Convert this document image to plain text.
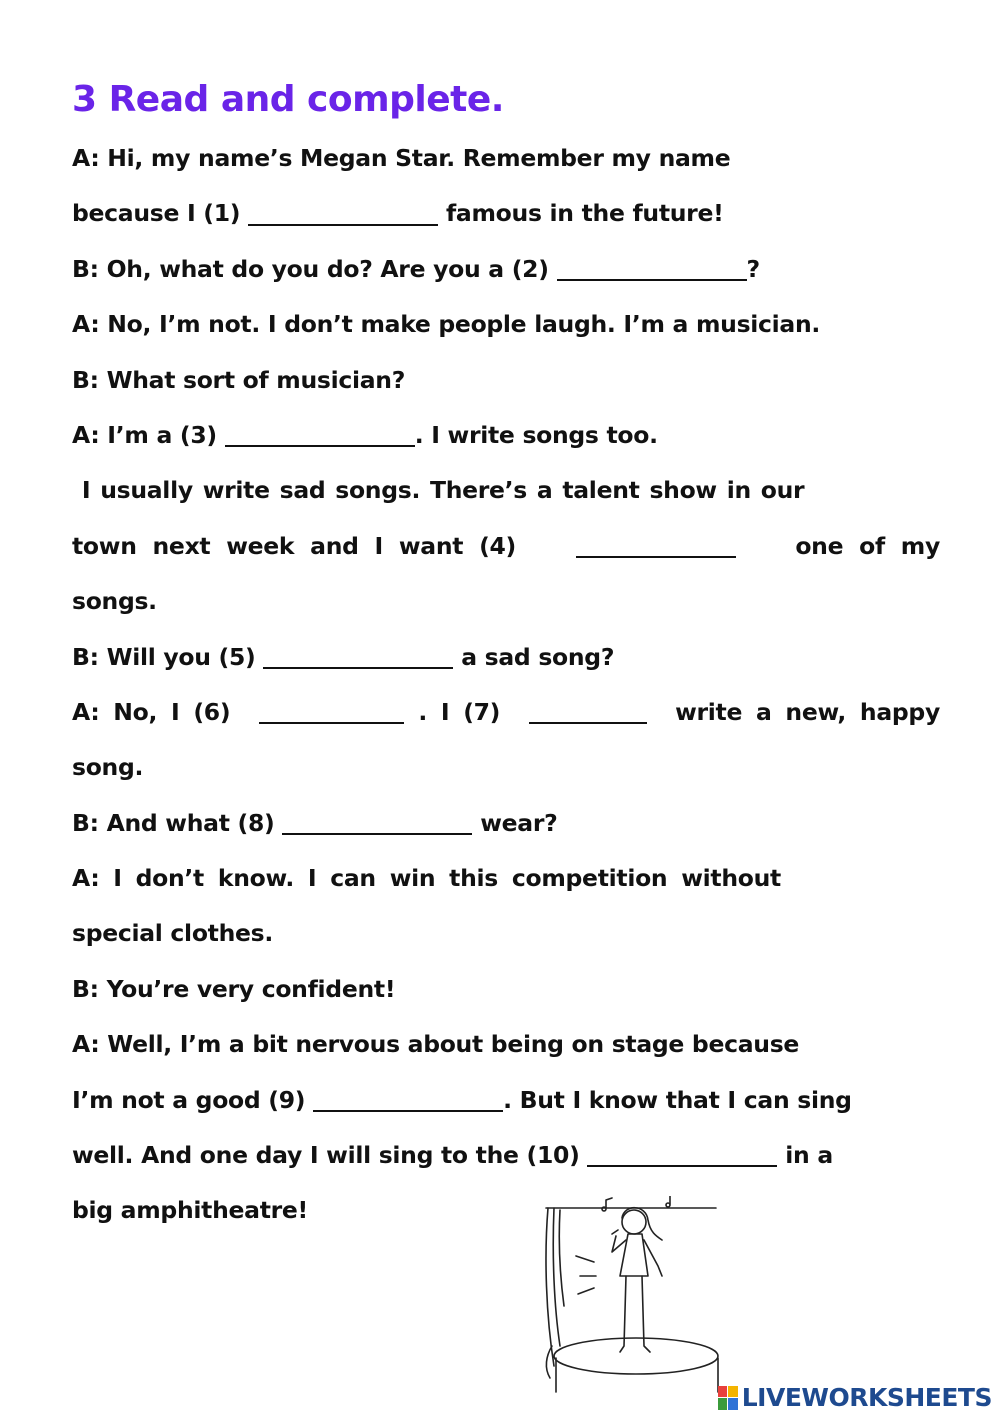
3 Read and complete.
A: Hi, my name’s Megan Star. Remember my name
because I (1)	famous in the future!
B: Oh, what do you do? Are you a (2)	?
A: No, I’m not. I don’t make people laugh. I’m a musician.
B: What sort of musician?
A: I’m a (3)	. I write songs too.
I usually write sad songs. There’s a talent show in our
town next week and I want (4)	one of my
songs.
B: Will you (5)	a sad song?
A: No, I (6)	. I (7)	write a new, happy
song.
B: And what (8)	wear?
A: I don’t know. I can win this competition without
special clothes.
B: You’re very confident!
A: Well, I’m a bit nervous about being on stage because
I’m not a good (9)	. But I know that I can sing
well. And one day I will sing to the (10)	in a
big amphitheatre!
LIVEWORKSHEETS
